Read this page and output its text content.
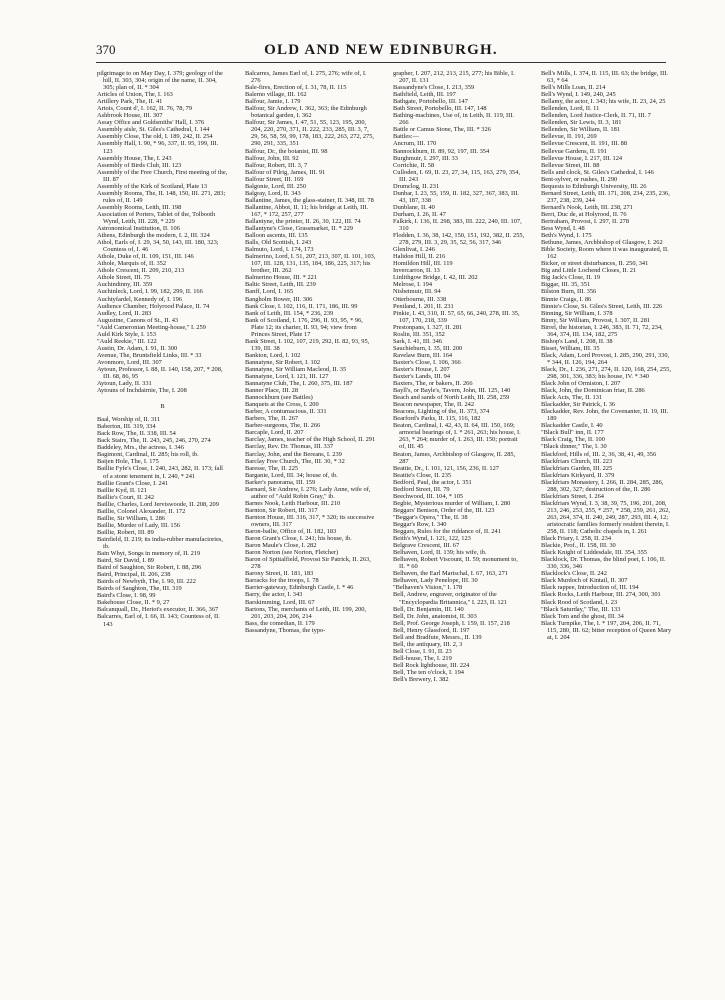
370	OLD AND NEW EDINBURGH.
pilgrimage to on May Day, I. 379; geology of the hill, II. 303, 304; origin of the name, II. 304, 305; plan of, II. * 304
Articles of Union, The, I. 163
Artillery Park, The, II. 41
Artois, Count d', I. 162, II. 76, 78, 79
Ashbrook House, III. 307
Assay Office and Goldsmiths' Hall, I. 376
Assembly aisle, St. Giles's Cathedral, I. 144
Assembly Close, The old, I. 189, 242, II. 254
Assembly Hall, I. 90, * 96, 337, II. 95, 199, III. 123
Assembly House, The, I. 243
Assembly of Birds Club, III. 123
Assembly of the Free Church, First meeting of the, III. 87
Assembly of the Kirk of Scotland, Plate 13
Assembly Rooms, The, II. 148, 150, III. 271, 283; rules of, II. 149
Assembly Rooms, Leith, III. 198
Association of Porters, Tablet of the, Tolbooth Wynd, Leith, III. 228, * 229
Astronomical Institution, II. 106
Athens, Edinburgh the modern, I. 2, III. 324
Athol, Earls of, I. 29, 34, 50, 143, III. 180, 323; Countess of, I. 46
Athole, Duke of, II. 109, 151, III. 146
Athole, Marquis of, II. 352
Athole Crescent, II. 209, 210, 213
Athole Street, III. 75
Auchindinny, III. 359
Auchinleck, Lord, I. 99, 182, 299, II. 166
Auchtyfardel, Kennedy of, I. 196
Audience Chamber, Holyrood Palace, II. 74
Audley, Lord, II. 283
Augustine, Canons of St., II. 43
"Auld Cameronian Meeting-house," I. 259
Auld Kirk Style, I. 153
"Auld Reekie," III. 122
Austin, Dr. Adam, I. 91, II. 300
Avenue, The, Bruntsfield Links, III. * 33
Avonmore, Lord, III. 307
Aytoun, Professor, I. 88, II. 140, 158, 207, * 208, III. 68, 86, 95
Aytoun, Lady, II. 331
Aytouns of Inchdairnie, The, I. 208
B
Baal, Worship of, II. 311
Baberton, III. 319, 334
Back Row, The, II. 338, III. 54
Back Stairs, The, II. 243, 245, 246, 270, 274
Baddeley, Mrs., the actress, I. 346
Bagimont, Cardinal, II. 285; his roll, ib.
Baijen Hole, The, I. 175
Baillie Fyfe's Close, I. 240, 243, 282, II. 173; fall of a stone tenement in, I. 240, * 241
Baillie Grant's Close, I. 241
Baillie Kyd, II. 121
Baillie's Court, II. 242
Baillie, Charles, Lord Jerviswoode, II. 208, 209
Baillie, Colonel Alexander, II. 172
Baillie, Sir William, I. 286
Baillie, Murder of Lady, III. 156
Baillie, Robert, III. 89
Bainfield, II. 219; its india-rubber manufactories, ib.
Bain Whyt, Songs in memory of, II. 219
Baird, Sir David, I. 89
Baird of Saughton, Sir Robert, I. 88, 296
Baird, Principal, II. 206, 238
Bairds of Newbyth, The, I. 90, III. 222
Bairds of Saughton, The, III. 319
Baird's Close, I. 98, 99
Bakehouse Close, II. * 9, 27
Balcanquall, Dr., Heriot's executor, II. 366, 367
Balcarres, Earl of, I. 66, II. 143; Countess of, II. 143
Balcarres, James Earl of, I. 275, 276; wife of, I. 276
Bale-fires, Erection of, I. 31, 78, II. 115
Balerno village, III. 162
Balfour, Jamie, I. 179
Balfour, Sir Andrew, I. 362, 363; the Edinburgh botanical garden, I. 362
Balfour, Sir James, I. 47, 51, 55, 123, 195, 200, 204, 220, 270, 371, II. 222, 233, 285, III. 3, 7, 29, 56, 58, 59, 99, 178, 183, 222, 263, 272, 275, 290, 291, 335, 351
Balfour, Dr., the botanist, III. 98
Balfour, John, III. 92
Balfour, Robert, III. 3, 7
Balfour of Pilrig, James, III. 91
Balfour Street, III. 169
Balgonie, Lord, III. 250
Balgray, Lord, II. 343
Ballantine, James, the glass-stainer, II. 348, III. 78
Ballantine, Abbot, II. 11; his bridge at Leith, III. 167, * 172, 257, 277
Ballantyne, the printer, II. 26, 30, 122, III. 74
Ballantyne's Close, Grassmarket, II. * 229
Balloon ascents, III. 135
Balls, Old Scottish, I. 243
Balmuto, Lord, I. 174, 173
Balmerino, Lord, I. 51, 207, 213, 307, II. 101, 103, 107, III. 128, 131, 135, 184, 186, 225, 317; his brother, III. 262
Balmerino House, III. * 221
Baltic Street, Leith, III. 239
Banff, Lord, I. 165
Bangholm Bower, III. 306
Bank Close, I. 102, 116, II. 171, 186, III. 99
Bank of Leith, III. 154, * 236, 239
Bank of Scotland, I. 176, 296, II. 93, 95, * 96, Plate 12; its charter, II. 93, 94; view from Princes Street, Plate 17
Bank Street, I. 102, 107, 219, 292, II. 82, 93, 95, 139, III. 38
Bankton, Lord, I. 102
Bannatyne, Sir Robert, I. 102
Bannatyne, Sir William Macleod, II. 35
Bannatyne, Lord, I. 121, III. 127
Bannatyne Club, The, I. 260, 375, III. 187
Banner Place, III. 28
Bannockburn (see Battles)
Banquets at the Cross, I. 200
Barber, A contumacious, II. 331
Barbers, The, II. 267
Barber-surgeons, The, II. 266
Barcaple, Lord, II. 207
Barclay, James, teacher of the High School, II. 291
Barclay, Rev. Dr. Thomas, III. 337
Barclay, John, and the Bereans, I. 239
Barclay Free Church, The, III. 30, * 32
Baresse, The, II. 225
Barganie, Lord, III. 34; house of, ib.
Barker's panorama, III. 159
Barnard, Sir Andrew, I. 276; Lady Anne, wife of, author of "Auld Robin Gray," ib.
Barnes Nook, Leith Harbour, III. 210
Barnton, Sir Robert, III. 317
Barnton House, III. 316, 317, * 320; its successive owners, III. 317
Baron-bailie, Office of, II. 182, 183
Baron Grant's Close, I. 241; his house, ib.
Baron Maule's Close, I. 282
Baron Norton (see Norton, Fletcher)
Baron of Spittalfield, Provost Sir Patrick, II. 263, 278
Barony Street, II. 181, 183
Barracks for the troops, I. 78
Barrier-gateway, Edinburgh Castle, I. * 46
Barry, the actor, I. 343
Barskimming, Lord, III. 67
Bartons, The, merchants of Leith, III. 199, 200, 201, 203, 204, 206, 214
Bass, the comedian, II. 179
Bassandyne, Thomas, the typo-
grapher, I. 207, 212, 213, 215, 277; his Bible, I. 207, II. 131
Bassandyne's Close, I. 213, 359
Bathfield, Leith, III. 197
Bathgate, Portobello, III. 147
Bath Street, Portobello, III. 147, 148
Bathing-machines, Use of, in Leith, II. 119, III. 266
Battle or Camus Stone, The, III. * 326
Battles:—
Ancrum, III. 170
Bannockburn, II. 89, 92, 197, III. 354
Burghmuir, I. 297, III. 33
Corrichie, II. 58
Culloden, I. 69, II. 23, 27, 34, 115, 163, 279, 354, III. 243
Drumclog, II. 231
Dunbar, I. 23, 55, 159, II. 182, 327, 367, 383, III. 43, 187, 338
Dunblane, II. 40
Durham, I. 26, II. 47
Falkirk, I. 136, II. 298, 383, III. 222, 240, III. 107, 310
Flodden, I. 36, 38, 142, 150, 151, 192, 382, II. 255, 278, 279, III. 3, 29, 35, 52, 56, 317, 346
Glenlivat, I. 246
Halidon Hill, II. 216
Homildon Hill, III. 119
Invercarron, II. 13
Linlithgow Bridge, I. 42, III. 202
Melrose, I. 194
Nisbetmuir, III. 94
Otterbourne, III. 338
Pentland, I. 201, II. 231
Pinkie, I. 43, 310, II. 57, 65, 66, 240, 278, III. 35, 107, 170, 218, 339
Prestonpans, I. 327, II. 281
Roslin, III. 351, 352
Sark, I. 41, III. 346
Sauchieburn, I. 35, III. 200
Ravelaw Burn, III. 164
Baxter's Close, I. 106, 366
Baxter's House, I. 207
Baxter's Lands, III. 94
Baxters, The, or bakers, II. 266
Bayll's, or Bayle's, Tavern, John, III. 125, 140
Beach and sands of North Leith, III. 258, 259
Beacon newspaper, The, II. 242
Beacons, Lighting of the, II. 373, 374
Bearford's Parks, II. 115, 116, 182
Beaton, Cardinal, I. 42, 43, II. 64, III. 150, 169; armorial bearings of, I. * 261, 263; his house, I. 263, * 264; murder of, I. 263, III. 150; portrait of, III. 45
Beaton, James, Archbishop of Glasgow, II. 285, 287
Beattie, Dr., I. 101, 121, 156, 236, II. 127
Beattie's Close, II. 235
Bedford, Paul, the actor, I. 351
Bedford Street, III. 79
Beechwood, III. 104, * 105
Begbie, Mysterious murder of William, I. 280
Beggars' Benison, Order of the, III. 123
"Beggar's Opera," The, II. 38
Beggar's Row, I. 340
Beggars, Rules for the riddance of, II. 241
Beith's Wynd, I. 121, 122, 123
Belgrave Crescent, III. 67
Belhaven, Lord, II. 139; his wife, ib.
Belhaven, Robert Viscount, II. 59; monument to, II. * 60
Belhaven, the Earl Marischal, I. 67, 163, 271
Belhaven, Lady Penelope, III. 30
"Belhaven's Vision," I. 178
Bell, Andrew, engraver, originator of the "Encyclopædia Britannica," I. 223, II. 121
Bell, Dr. Benjamin, III. 140
Bell, Dr. John, anatomist, II. 303
Bell, Prof. George Joseph, I. 159, II. 157, 218
Bell, Henry Glassford, II. 197
Bell and Bradfute, Messrs., II. 139
Bell, the antiquary, III. 2, 3
Bell Close, I. 91, II. 23
Bell-house, The, I. 219
Bell Rock lighthouse, III. 224
Bell, The ten o'clock, I. 194
Bell's Brewery, I. 382
Bell's Mills, I. 374, II. 115, III. 63; the bridge, III. 63, * 64
Bell's Mills Loan, II. 214
Bell's Wynd, I. 149, 240, 245
Bellamy, the actor, I. 343; his wife, II. 23, 24, 25
Bellenden, Lord, II. 11
Bellenden, Lord Justice-Clerk, II. 71, III. 7
Bellenden, Sir Lewis, II. 3, 181
Bellenden, Sir William, II. 181
Bellevue, II. 191, 269
Bellevue Crescent, II. 191, III. 88
Bellevue Gardens, II. 191
Bellevue House, I. 217, III. 124
Bellevue Street, III. 88
Bells and clock, St. Giles's Cathedral, I. 146
Bent-sylver, or rushes, II. 290
Bequests to Edinburgh University, III. 26
Bernard Street, Leith, III. 171, 208, 234, 235, 236, 237, 238, 239, 244
Bernard's Nook, Leith, III. 238, 271
Berri, Duc de, at Holyrood, II. 76
Bertraham, Provost, I. 297, II. 278
Bess Wynd, I. 48
Beth's Wynd, I. 175
Bethune, James, Archbishop of Glasgow, I. 262
Bible Society, Room where it was inaugurated, II. 162
Bicker, or street disturbances, II. 250, 341
Big and Little Lochend Closes, II. 21
Big Jack's Close, II. 19
Biggar, III. 35, 351
Bilston Burn, III. 356
Binnie Craigs, I. 86
Binnie's Close, St. Giles's Street, Leith, III. 226
Binning, Sir William, I. 378
Binny, Sir William, Provost, I. 307, II. 281
Birrel, the historian, I. 246, 383, II. 71, 72, 234, 364, 374, III. 134, 182, 275
Bishop's Land, I. 208, II. 38
Bisset, William, III. 35
Black, Adam, Lord Provost, I. 285, 290, 291, 330, * 344, II. 126, 194, 264
Black, Dr., I. 236, 271, 274, II. 120, 168, 254, 255, 298, 301, 336, 383; his house, IV. * 340
Black John of Ormiston, I. 207
Black, John, the Dominican friar, II. 286
Black Acts, The, II. 131
Blackadder, Sir Patrick, I. 36
Blackadder, Rev. John, the Covenanter, II. 19, III. 189
Blackadder Castle, I. 40
"Black Bull" inn, II. 177
Black Craig, The, II. 100
"Black dinner," The, I. 30
Blackford, Hills of, III. 2, 36, 38, 41, 49, 356
Blackfriars Church, III. 223
Blackfriars Garden, III. 225
Blackfriars Kirkyard, II. 379
Blackfriars Monastery, I. 266, II. 284, 285, 286, 288, 302, 327; destruction of the, II. 286
Blackfriars Street, I. 264
Blackfriars Wynd, I. 3, 38, 39, 75, 196, 201, 208, 213, 246, 253, 255, * 257, * 258, 259, 261, 262, 263, 264, 374, II. 240, 249, 287, 293, III. 4, 12; aristocratic families formerly resident therein, I. 258, II. 118; Catholic chapels in, I. 261
Black Friary, I. 258, II. 234
Blackie, Prof., II. 158, III. 30
Black Knight of Liddesdale, III. 354, 355
Blacklock, Dr. Thomas, the blind poet, I. 106, II. 330, 336, 346
Blacklock's Close, II. 242
Black Murdoch of Kintail, II. 307
Black rappee, Introduction of, III. 194
Black Rocks, Leith Harbour, III. 274, 300, 301
Black Rood of Scotland, I. 23
"Black Saturday," The, III. 133
Black Tom and the ghost, III. 34
Black Turnpike, The, I. * 197, 204, 206, II. 71, 115, 280, III. 62; bitter reception of Queen Mary at, I. 204
